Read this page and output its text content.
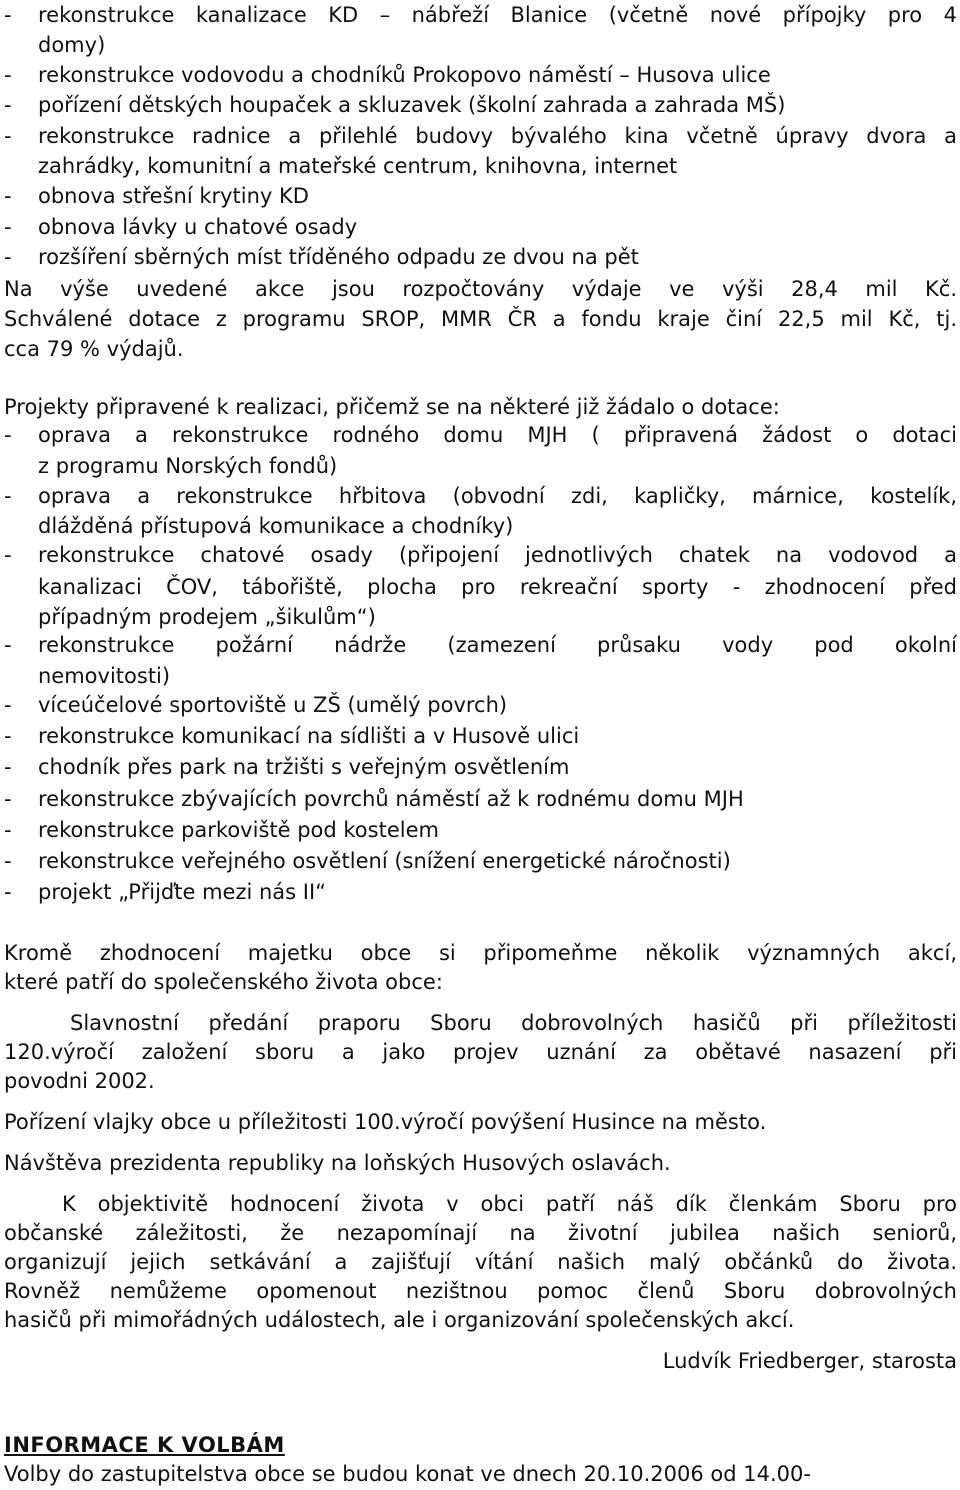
- rekonstrukce kanalizace KD – nábřeží Blanice (včetně nové přípojky pro 4
domy)
- rekonstrukce vodovodu a chodníků Prokopovo náměstí – Husova ulice
- pořízení dětských houpaček a skluzavek (školní zahrada a zahrada MŠ)
- rekonstrukce radnice a přilehlé budovy bývalého kina včetně úpravy dvora a
zahrádky, komunitní a mateřské centrum, knihovna, internet
- obnova střešní krytiny KD
- obnova lávky u chatové osady
- rozšíření sběrných míst tříděného odpadu ze dvou na pět
Na výše uvedené akce jsou rozpočtovány výdaje ve výši 28,4 mil Kč.
Schválené dotace z programu SROP, MMR ČR a fondu kraje činí 22,5 mil Kč, tj.
cca 79 % výdajů.
Projekty připravené k realizaci, přičemž se na některé již žádalo o dotace:
- oprava a rekonstrukce rodného domu MJH ( připravená žádost o dotaci
z programu Norských fondů)
- oprava a rekonstrukce hřbitova (obvodní zdi, kapličky, márnice, kostelík,
dlážděná přístupová komunikace a chodníky)
- rekonstrukce chatové osady (připojení jednotlivých chatek na vodovod a
kanalizaci ČOV, tábořiště, plocha pro rekreační sporty - zhodnocení před
případným prodejem „šikulům“)
- rekonstrukce požární nádrže (zamezení průsaku vody pod okolní
nemovitosti)
- víceúčelové sportoviště u ZŠ (umělý povrch)
- rekonstrukce komunikací na sídlišti a v Husově ulici
- chodník přes park na tržišti s veřejným osvětlením
- rekonstrukce zbývajících povrchů náměstí až k rodnému domu MJH
- rekonstrukce parkoviště pod kostelem
- rekonstrukce veřejného osvětlení (snížení energetické náročnosti)
- projekt „Přijďte mezi nás II“
Kromě zhodnocení majetku obce si připomeňme několik významných akcí,
které patří do společenského života obce:
Slavnostní předání praporu Sboru dobrovolných hasičů při příležitosti
120.výročí založení sboru a jako projev uznání za obětavé nasazení při
povodni 2002.
Pořízení vlajky obce u příležitosti 100.výročí povýšení Husince na město.
Návštěva prezidenta republiky na loňských Husových oslavách.
K objektivitě hodnocení života v obci patří náš dík členkám Sboru pro
občanské záležitosti, že nezapomínají na životní jubilea našich seniorů,
organizují jejich setkávání a zajišťují vítání našich malý občánků do života.
Rovněž nemůžeme opomenout nezištnou pomoc členů Sboru dobrovolných
hasičů při mimořádných událostech, ale i organizování společenských akcí.
Ludvík Friedberger, starosta
INFORMACE K VOLBÁM
Volby do zastupitelstva obce se budou konat ve dnech 20.10.2006 od 14.00-
